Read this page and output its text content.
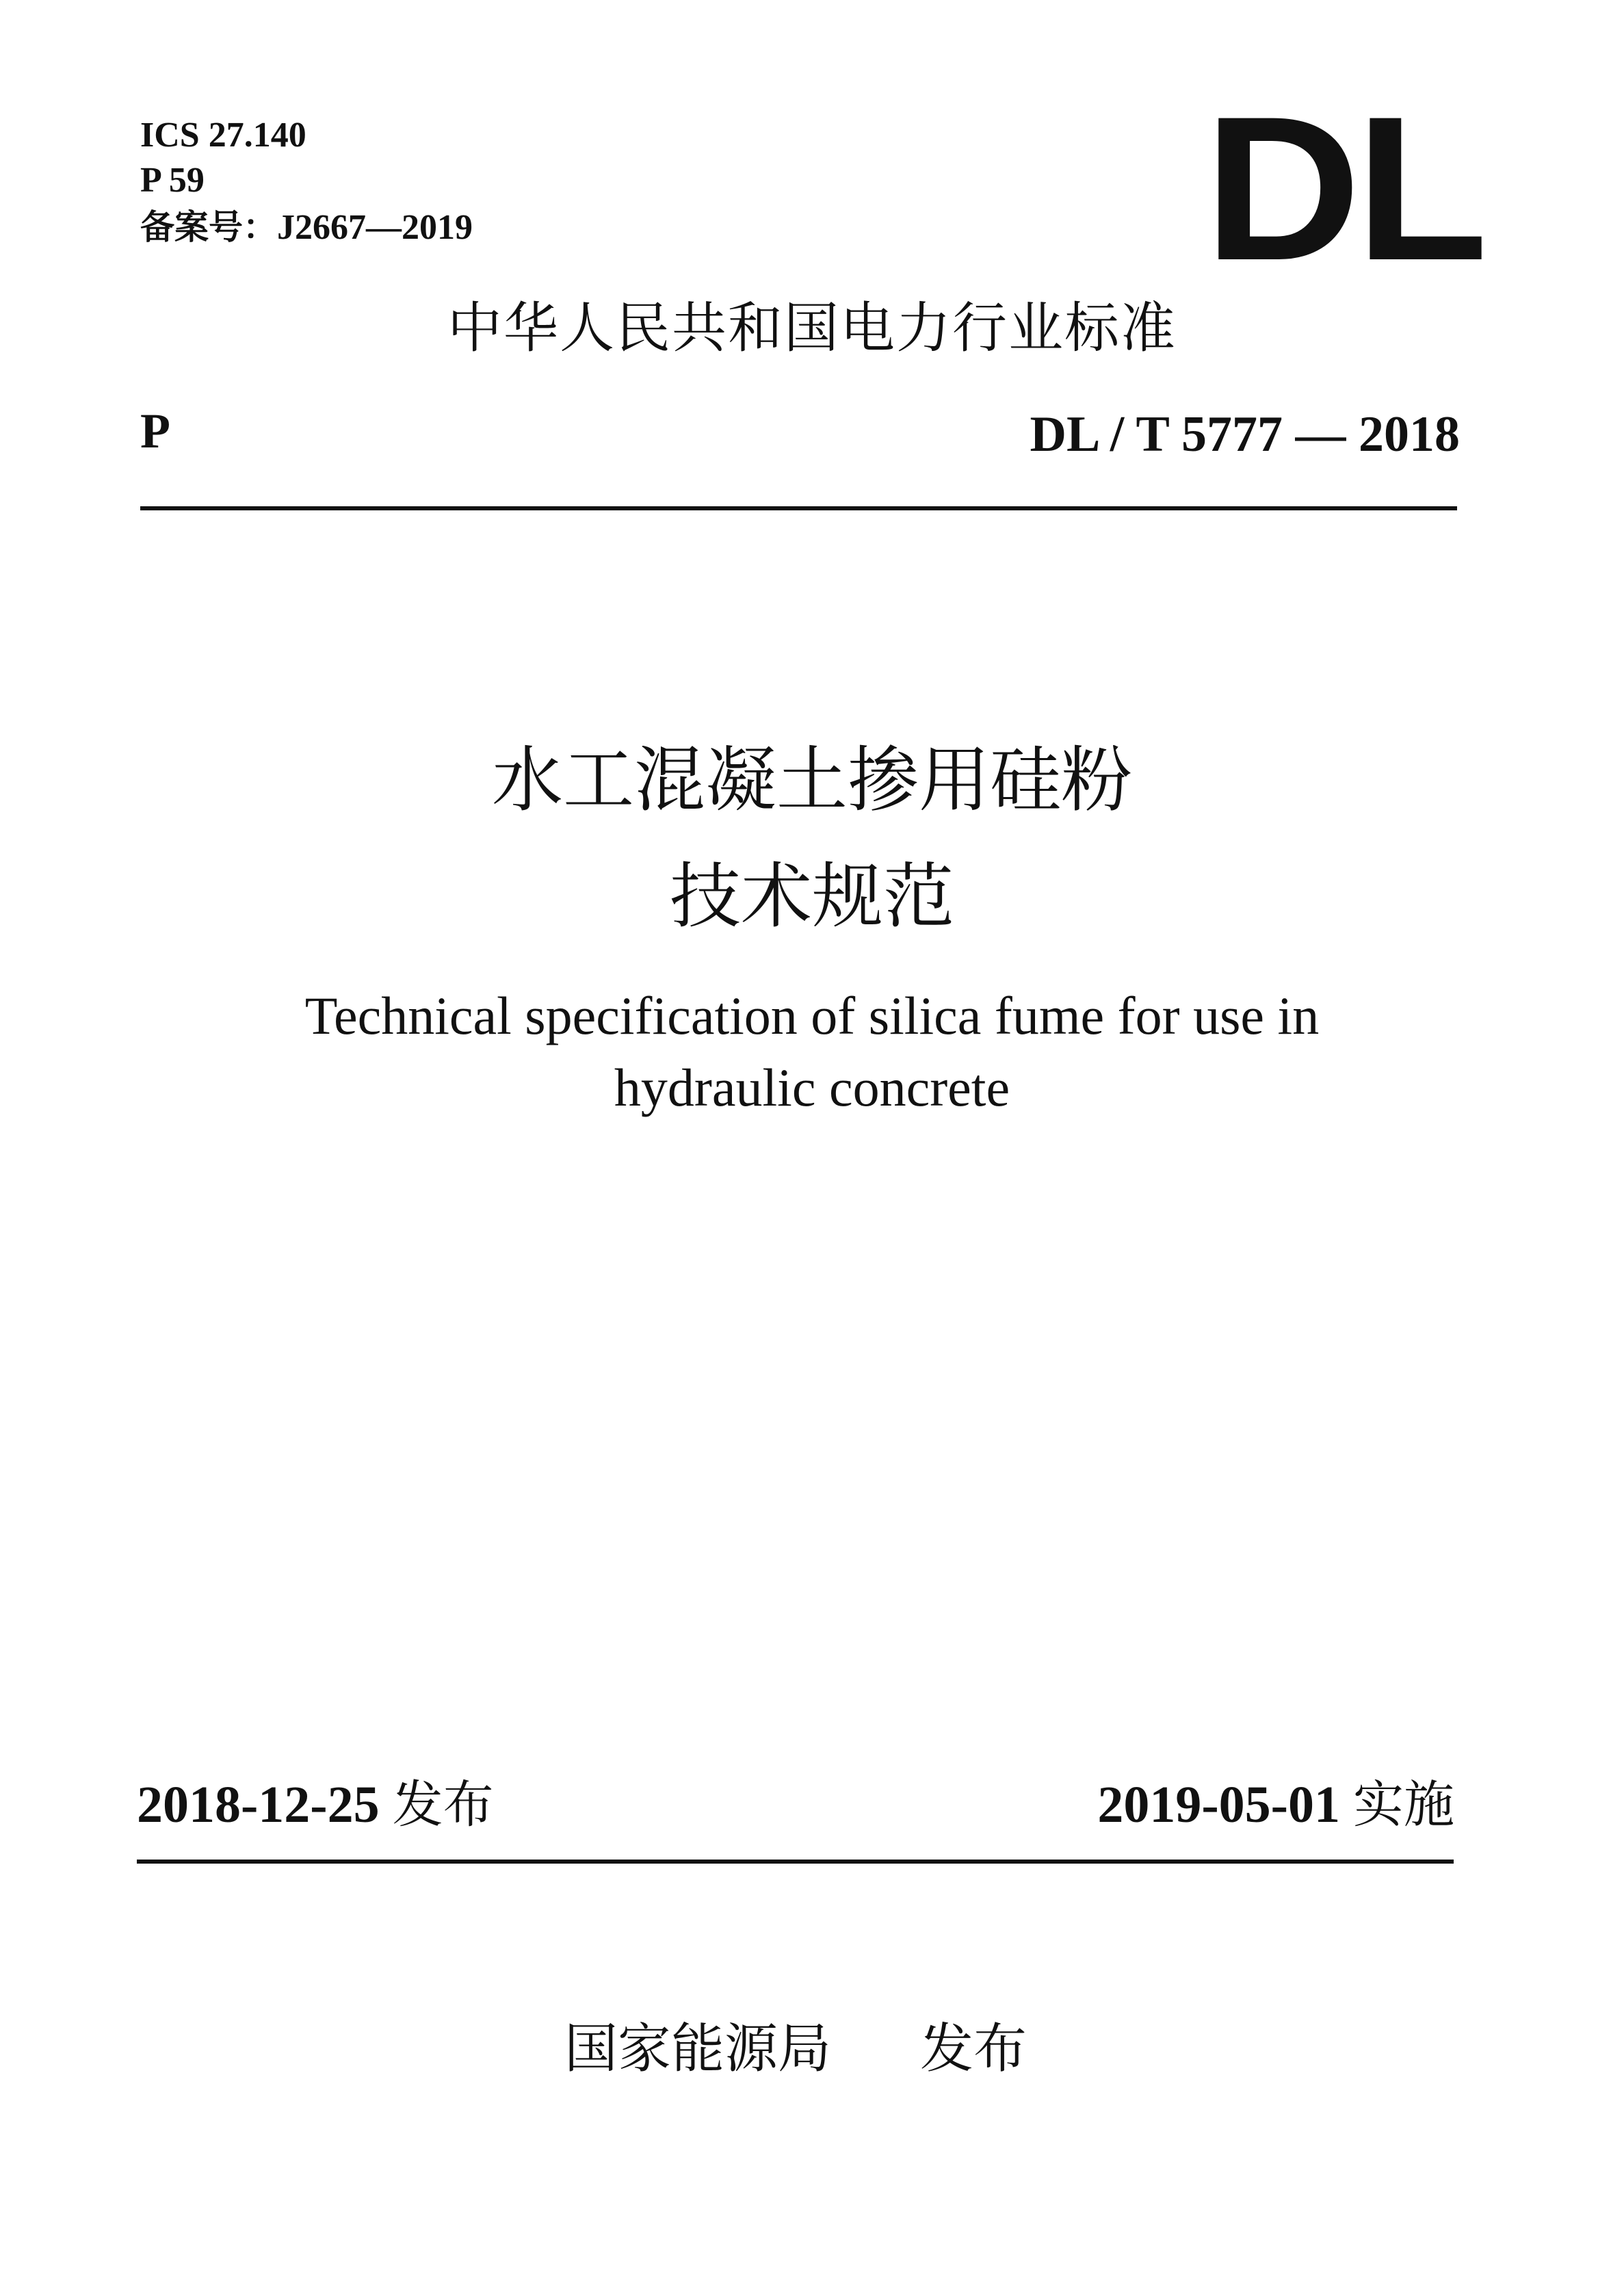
ICS 27.140
P 59
备案号：J2667—2019	DL
中华人民共和国电力行业标准
P	DL / T 5777 — 2018
水工混凝土掺用硅粉
技术规范
Technical specification of silica fume for use in
hydraulic concrete
2018-12-25 发布	2019-05-01 实施
国家能源局 发布
